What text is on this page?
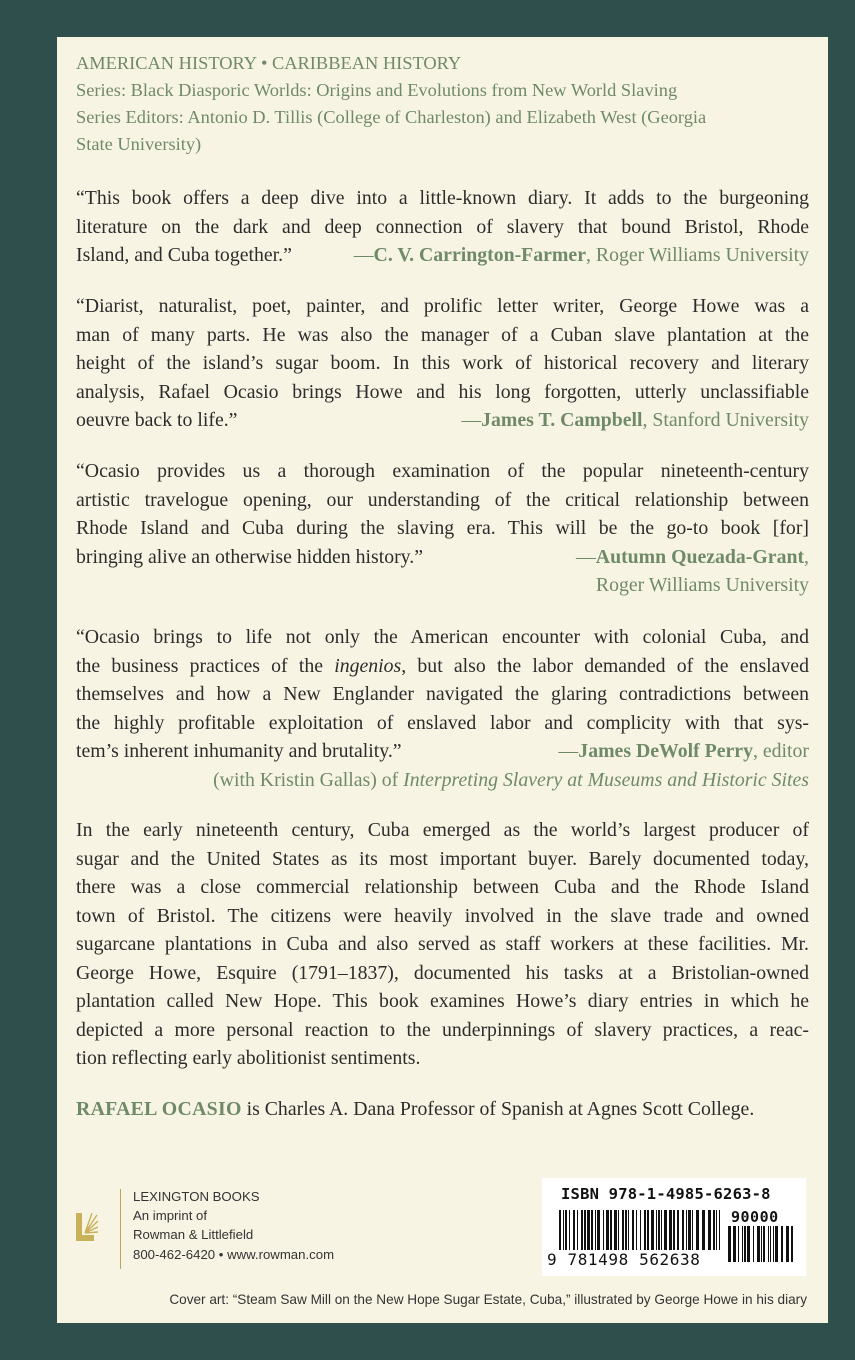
AMERICAN HISTORY • CARIBBEAN HISTORY
Series: Black Diasporic Worlds: Origins and Evolutions from New World Slaving
Series Editors: Antonio D. Tillis (College of Charleston) and Elizabeth West (Georgia
State University)
“This book offers a deep dive into a little-known diary. It adds to the burgeoning
literature on the dark and deep connection of slavery that bound Bristol, Rhode
Island, and Cuba together.”	—C. V. Carrington-Farmer, Roger Williams University
“Diarist, naturalist, poet, painter, and prolific letter writer, George Howe was a
man of many parts. He was also the manager of a Cuban slave plantation at the
height of the island’s sugar boom. In this work of historical recovery and literary
analysis, Rafael Ocasio brings Howe and his long forgotten, utterly unclassifiable
oeuvre back to life.”	—James T. Campbell, Stanford University
“Ocasio provides us a thorough examination of the popular nineteenth-century
artistic travelogue opening, our understanding of the critical relationship between
Rhode Island and Cuba during the slaving era. This will be the go-to book [for]
bringing alive an otherwise hidden history.”	—Autumn Quezada-Grant,
Roger Williams University
“Ocasio brings to life not only the American encounter with colonial Cuba, and
the business practices of the ingenios, but also the labor demanded of the enslaved
themselves and how a New Englander navigated the glaring contradictions between
the highly profitable exploitation of enslaved labor and complicity with that sys-
tem’s inherent inhumanity and brutality.”	—James DeWolf Perry, editor
(with Kristin Gallas) of Interpreting Slavery at Museums and Historic Sites
In the early nineteenth century, Cuba emerged as the world’s largest producer of
sugar and the United States as its most important buyer. Barely documented today,
there was a close commercial relationship between Cuba and the Rhode Island
town of Bristol. The citizens were heavily involved in the slave trade and owned
sugarcane plantations in Cuba and also served as staff workers at these facilities. Mr.
George Howe, Esquire (1791–1837), documented his tasks at a Bristolian-owned
plantation called New Hope. This book examines Howe’s diary entries in which he
depicted a more personal reaction to the underpinnings of slavery practices, a reac-
tion reflecting early abolitionist sentiments.
RAFAEL OCASIO is Charles A. Dana Professor of Spanish at Agnes Scott College.
LEXINGTON BOOKS
An imprint of
Rowman & Littlefield
800-462-6420 • www.rowman.com
ISBN 978-1-4985-6263-8
90000
9 781498 562638
Cover art: “Steam Saw Mill on the New Hope Sugar Estate, Cuba,” illustrated by George Howe in his diary
